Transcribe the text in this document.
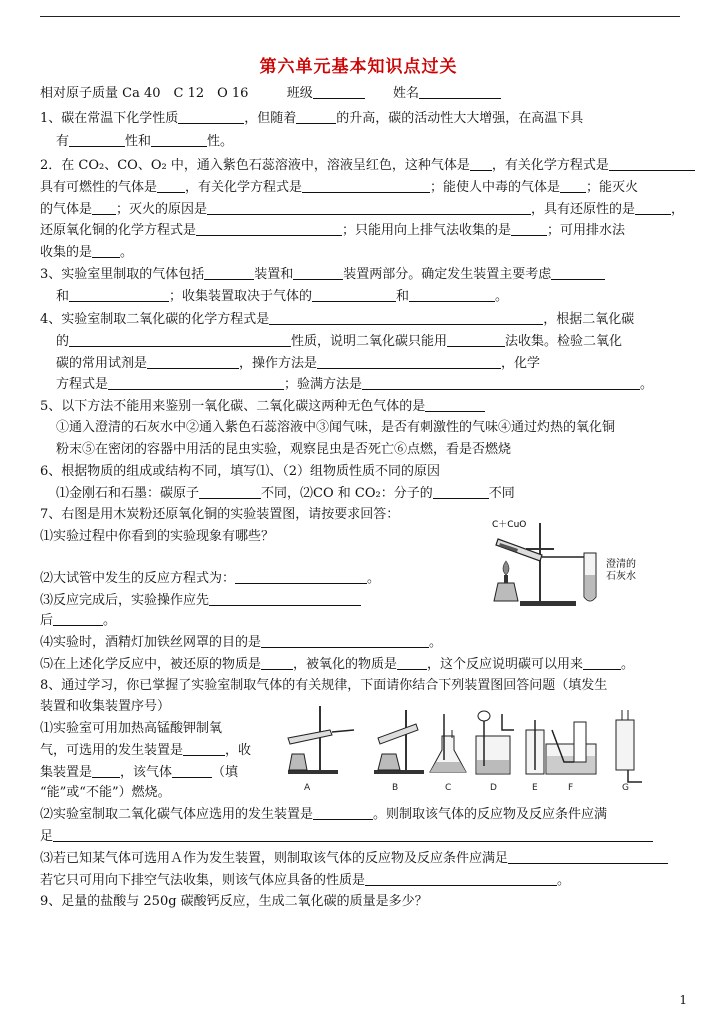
第六单元基本知识点过关
相对原子质量 Ca 40　C 12　O 16	班级	姓名
1、碳在常温下化学性质	，但随着	的升高，碳的活动性大大增强，在高温下具
有	性和	性。
2．在 CO₂、CO、O₂ 中，通入紫色石蕊溶液中，溶液呈红色，这种气体是 ，有关化学方程式是
具有可燃性的气体是 ，有关化学方程式是	；能使人中毒的气体是 ；能灭火
的气体是 ；灭火的原因是	，具有还原性的是	，
还原氧化铜的化学方程式是	；只能用向上排气法收集的是	；可用排水法
收集的是 。
3、实验室里制取的气体包括	装置和	装置两部分。确定发生装置主要考虑
和	；收集装置取决于气体的	和	。
4、实验室制取二氧化碳的化学方程式是	，根据二氧化碳
的	性质，说明二氧化碳只能用	法收集。检验二氧化
碳的常用试剂是	，操作方法是	，化学
方程式是	；验满方法是	。
5、以下方法不能用来鉴别一氧化碳、二氧化碳这两种无色气体的是
①通入澄清的石灰水中②通入紫色石蕊溶液中③闻气味，是否有刺激性的气味④通过灼热的氧化铜
粉末⑤在密闭的容器中用活的昆虫实验，观察昆虫是否死亡⑥点燃，看是否燃烧
6、根据物质的组成或结构不同，填写⑴、（2）组物质性质不同的原因
⑴金刚石和石墨：碳原子	不同，⑵CO 和 CO₂：分子的	不同
7、右图是用木炭粉还原氧化铜的实验装置图，请按要求回答：
⑴实验过程中你看到的实验现象有哪些？
⑵大试管中发生的反应方程式为：	。
⑶反应完成后，实验操作应先
后	。
⑷实验时，酒精灯加铁丝网罩的目的是	。
⑸在上述化学反应中，被还原的物质是 ，被氧化的物质是 ，这个反应说明碳可以用来	。
C＋CuO
澄清的
石灰水
8、通过学习，你已掌握了实验室制取气体的有关规律，下面请你结合下列装置图回答问题（填发生
装置和收集装置序号）
⑴实验室可用加热高锰酸钾制氧
气，可选用的发生装置是	，收
集装置是 ，该气体	（填
“能”或“不能”）燃烧。
⑵实验室制取二氧化碳气体应选用的发生装置是	。则制取该气体的反应物及反应条件应满
足
⑶若已知某气体可选用Ａ作为发生装置，则制取该气体的反应物及反应条件应满足
若它只可用向下排空气法收集，则该气体应具备的性质是	。
A	B	C	D	E	F	G
9、足量的盐酸与 250g 碳酸钙反应，生成二氧化碳的质量是多少？
1
